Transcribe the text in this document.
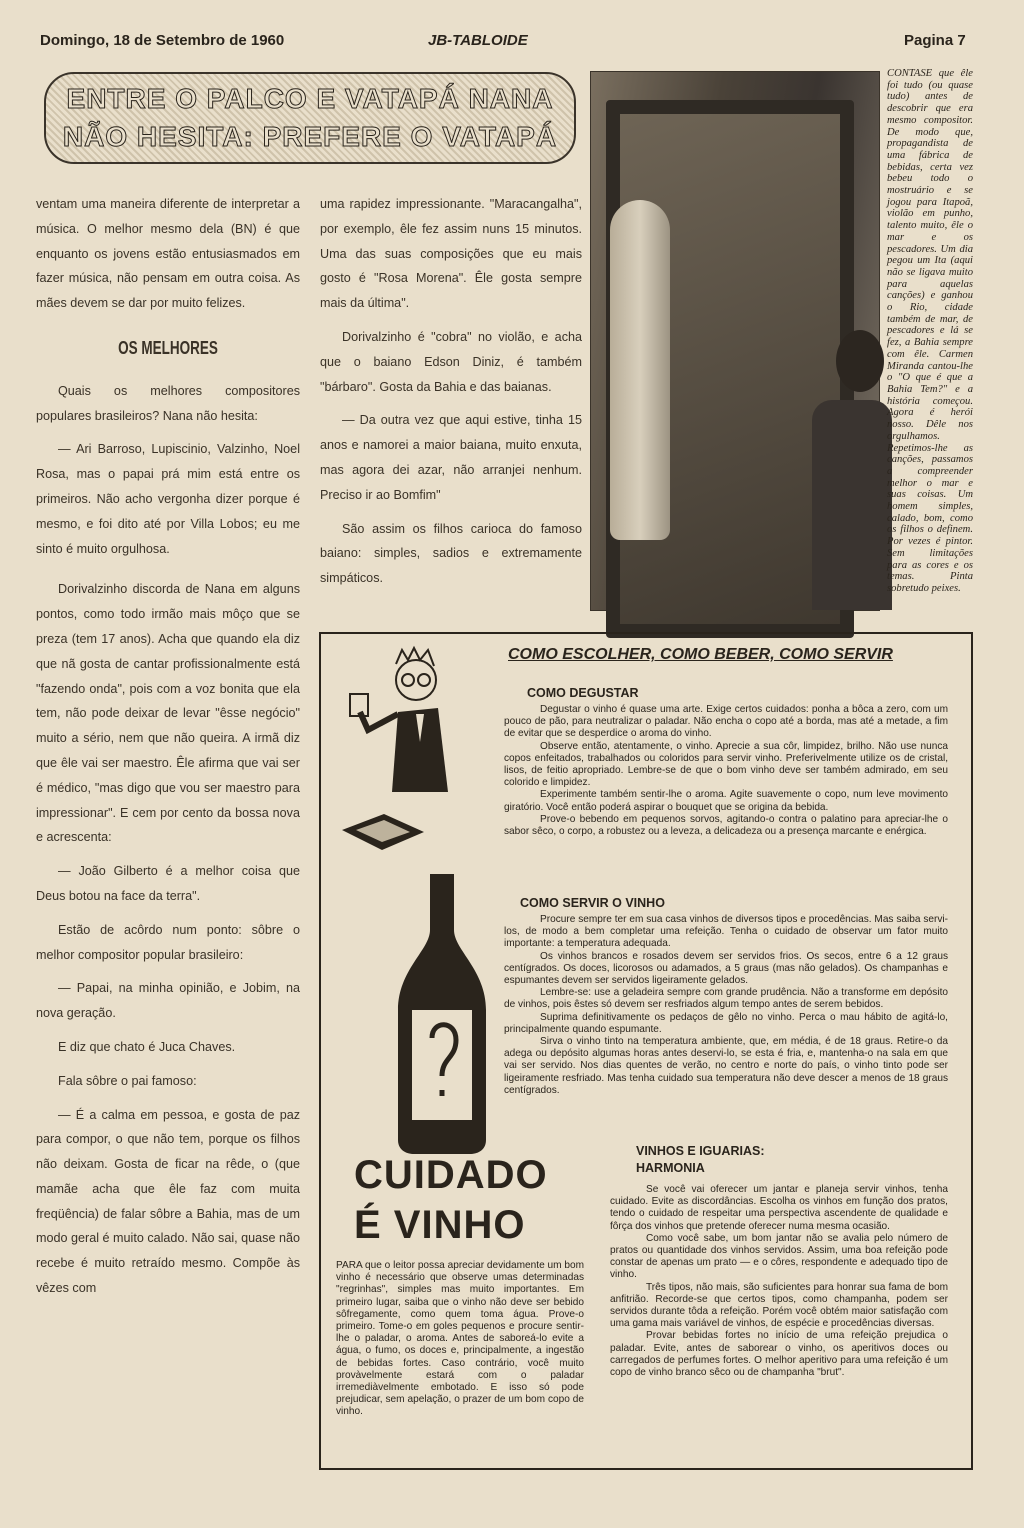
Domingo, 18 de Setembro de 1960	JB-TABLOIDE	Pagina 7
ENTRE O PALCO E VATAPÁ NANA
NÃO HESITA: PREFERE O VATAPÁ

ventam uma maneira diferente de interpretar a música. O melhor mesmo dela (BN) é que enquanto os jovens estão entusiasmados em fazer música, não pensam em outra coisa. As mães devem se dar por muito felizes.

OS MELHORES

Quais os melhores compositores populares brasileiros? Nana não hesita:

— Ari Barroso, Lupiscinio, Valzinho, Noel Rosa, mas o papai prá mim está entre os primeiros. Não acho vergonha dizer porque é mesmo, e foi dito até por Villa Lobos; eu me sinto é muito orgulhosa.

Dorivalzinho discorda de Nana em alguns pontos, como todo irmão mais môço que se preza (tem 17 anos). Acha que quando ela diz que nã gosta de cantar profissionalmente está "fazendo onda", pois com a voz bonita que ela tem, não pode deixar de levar "êsse negócio" muito a sério, nem que não queira. A irmã diz que êle vai ser maestro. Êle afirma que vai ser é médico, "mas digo que vou ser maestro para impressionar". E cem por cento da bossa nova e acrescenta:

— João Gilberto é a melhor coisa que Deus botou na face da terra".

Estão de acôrdo num ponto: sôbre o melhor compositor popular brasileiro:

— Papai, na minha opinião, e Jobim, na nova geração.

E diz que chato é Juca Chaves.

Fala sôbre o pai famoso:

— É a calma em pessoa, e gosta de paz para compor, o que não tem, porque os filhos não deixam. Gosta de ficar na rêde, o (que mamãe acha que êle faz com muita freqüência) de falar sôbre a Bahia, mas de um modo geral é muito calado. Não sai, quase não recebe é muito retraído mesmo. Compõe às vêzes com

uma rapidez impressionante. "Maracangalha", por exemplo, êle fez assim nuns 15 minutos. Uma das suas composições que eu mais gosto é "Rosa Morena". Êle gosta sempre mais da última".

Dorivalzinho é "cobra" no violão, e acha que o baiano Edson Diniz, é também "bárbaro". Gosta da Bahia e das baianas.

— Da outra vez que aqui estive, tinha 15 anos e namorei a maior baiana, muito enxuta, mas agora dei azar, não arranjei nenhum. Preciso ir ao Bomfim"

São assim os filhos carioca do famoso baiano: simples, sadios e extremamente simpáticos.

CONTASE que êle foi tudo (ou quase tudo) antes de descobrir que era mesmo compositor. De modo que, propagandista de uma fábrica de bebidas, certa vez bebeu todo o mostruário e se jogou para Itapoã, violão em punho, talento muito, êle o mar e os pescadores. Um dia pegou um Ita (aqui não se ligava muito para aquelas canções) e ganhou o Rio, cidade também de mar, de pescadores e lá se fez, a Bahia sempre com êle. Carmen Miranda cantou-lhe o "O que é que a Bahia Tem?" e a história começou. Agora é herói nosso. Dêle nos orgulhamos. Repetimos-lhe as canções, passamos a compreender melhor o mar e suas coisas. Um homem simples, calado, bom, como os filhos o definem. Por vezes é pintor. Sem limitações para as cores e os temas. Pinta sobretudo peixes.
COMO ESCOLHER, COMO BEBER, COMO SERVIR
COMO DEGUSTAR

Degustar o vinho é quase uma arte. Exige certos cuidados: ponha a bôca a zero, com um pouco de pão, para neutralizar o paladar. Não encha o copo até a borda, mas até a metade, a fim de evitar que se desperdice o aroma do vinho.

Observe então, atentamente, o vinho. Aprecie a sua côr, limpidez, brilho. Não use nunca copos enfeitados, trabalhados ou coloridos para servir vinho. Preferivelmente utilize os de cristal, lisos, de feitio apropriado. Lembre-se de que o bom vinho deve ser também admirado, em seu colorido e limpidez.

Experimente também sentir-lhe o aroma. Agite suavemente o copo, num leve movimento giratório. Você então poderá aspirar o bouquet que se origina da bebida.

Prove-o bebendo em pequenos sorvos, agitando-o contra o palatino para apreciar-lhe o sabor sêco, o corpo, a robustez ou a leveza, a delicadeza ou a presença marcante e enérgica.

COMO SERVIR O VINHO

Procure sempre ter em sua casa vinhos de diversos tipos e procedências. Mas saiba servi-los, de modo a bem completar uma refeição. Tenha o cuidado de observar um fator muito importante: a temperatura adequada.

Os vinhos brancos e rosados devem ser servidos frios. Os secos, entre 6 a 12 graus centígrados. Os doces, licorosos ou adamados, a 5 graus (mas não gelados). Os champanhas e espumantes devem ser servidos ligeiramente gelados.

Lembre-se: use a geladeira sempre com grande prudência. Não a transforme em depósito de vinhos, pois êstes só devem ser resfriados algum tempo antes de serem bebidos.

Suprima definitivamente os pedaços de gêlo no vinho. Perca o mau hábito de agitá-lo, principalmente quando espumante.

Sirva o vinho tinto na temperatura ambiente, que, em média, é de 18 graus. Retire-o da adega ou depósito algumas horas antes deservi-lo, se esta é fria, e, mantenha-o na sala em que vai ser servido. Nos dias quentes de verão, no centro e norte do país, o vinho tinto pode ser ligeiramente resfriado. Mas tenha cuidado sua temperatura não deve descer a menos de 18 graus centígrados.

VINHOS E IGUARIAS:
HARMONIA

Se você vai oferecer um jantar e planeja servir vinhos, tenha cuidado. Evite as discordâncias. Escolha os vinhos em função dos pratos, tendo o cuidado de respeitar uma perspectiva ascendente de qualidade e fôrça dos vinhos que pretende oferecer numa mesma ocasião.

Como você sabe, um bom jantar não se avalia pelo número de pratos ou quantidade dos vinhos servidos. Assim, uma boa refeição pode constar de apenas um prato — e o côres, respondente e adequado tipo de vinho.

Três tipos, não mais, são suficientes para honrar sua fama de bom anfitrião. Recorde-se que certos tipos, como champanha, podem ser servidos durante tôda a refeição. Porém você obtém maior satisfação com uma gama mais variável de vinhos, de espécie e procedências diversas.

Provar bebidas fortes no início de uma refeição prejudica o paladar. Evite, antes de saborear o vinho, os aperitivos doces ou carregados de perfumes fortes. O melhor aperitivo para uma refeição é um copo de vinho branco sêco ou de champanha "brut".

CUIDADO
É VINHO
PARA que o leitor possa apreciar devidamente um bom vinho é necessário que observe umas determinadas "regrinhas", simples mas muito importantes. Em primeiro lugar, saiba que o vinho não deve ser bebido sôfregamente, como quem toma água. Prove-o primeiro. Tome-o em goles pequenos e procure sentir-lhe o paladar, o aroma. Antes de saboreá-lo evite a água, o fumo, os doces e, principalmente, a ingestão de bebidas fortes. Caso contrário, você muito provàvelmente estará com o paladar irremediàvelmente embotado. E isso só pode prejudicar, sem apelação, o prazer de um bom copo de vinho.
